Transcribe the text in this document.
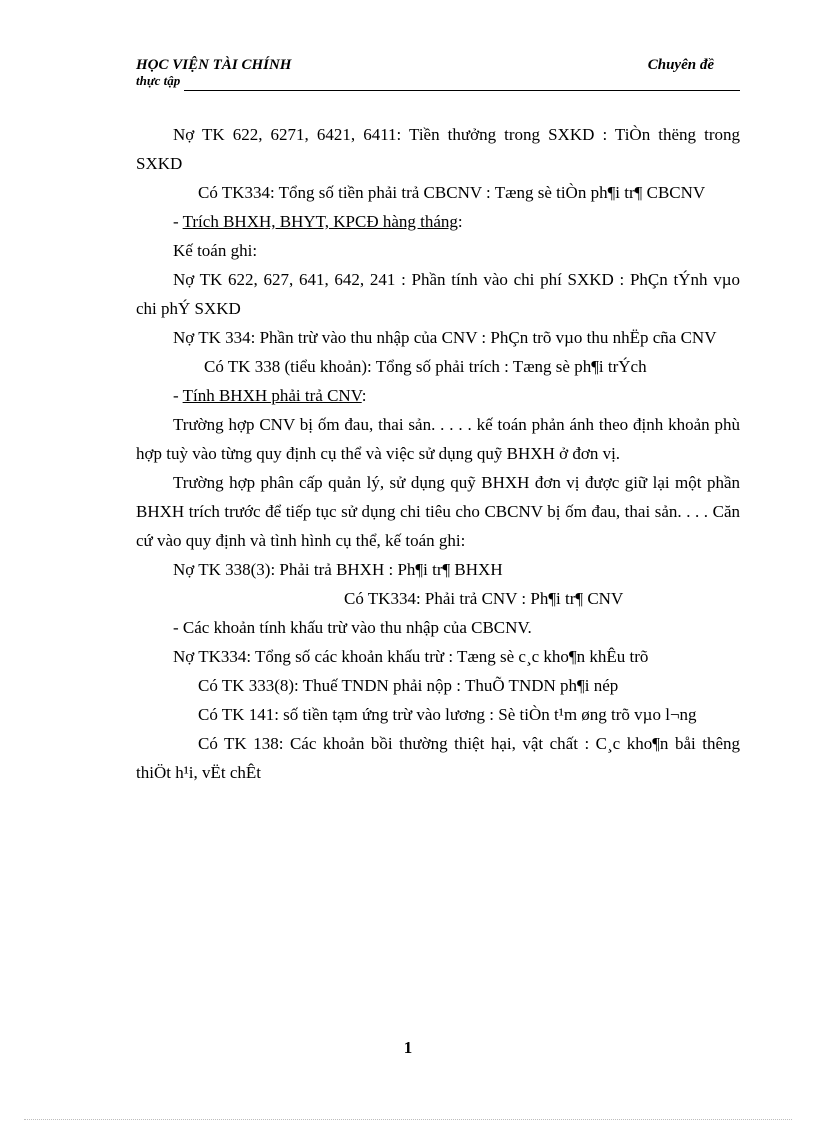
HỌC VIỆN TÀI CHÍNH
thực tập
Chuyên đề

Nợ TK 622, 6271, 6421, 6411: Tiền thưởng trong SXKD : TiÒn thëng trong SXKD

Có TK334: Tổng số tiền phải trả CBCNV : Tæng sè tiÒn ph¶i tr¶ CBCNV

- Trích BHXH, BHYT, KPCĐ hàng tháng:

Kế toán ghi:

Nợ TK 622, 627, 641, 642, 241 : Phần tính vào chi phí SXKD : PhÇn tÝnh vµo chi phÝ SXKD

Nợ TK 334: Phần trừ vào thu nhập của CNV : PhÇn trõ vµo thu nhËp cña CNV

Có TK 338 (tiểu khoản): Tổng số phải trích : Tæng sè ph¶i trÝch

- Tính BHXH phải trả CNV:

Trường hợp CNV bị ốm đau, thai sản. . . . . kế toán phản ánh theo định khoản phù hợp tuỳ vào từng quy định cụ thể và việc sử dụng quỹ BHXH ở đơn vị.

Trường hợp phân cấp quản lý, sử dụng quỹ BHXH đơn vị được giữ lại một phần BHXH trích trước để tiếp tục sử dụng chi tiêu cho CBCNV bị ốm đau, thai sản. . . . Căn cứ vào quy định và tình hình cụ thể, kế toán ghi:

Nợ TK 338(3): Phải trả BHXH : Ph¶i tr¶ BHXH

Có TK334: Phải trả CNV : Ph¶i tr¶ CNV

- Các khoản tính khấu trừ vào thu nhập của CBCNV.

Nợ TK334: Tổng số các khoản khấu trừ : Tæng sè c¸c kho¶n khÊu trõ

Có TK 333(8): Thuế TNDN phải nộp : ThuÕ TNDN ph¶i nép

Có TK 141: số tiền tạm ứng trừ vào lương : Sè tiÒn t¹m øng trõ vµo l¬ng

Có TK 138: Các khoản bồi thường thiệt hại, vật chất : C¸c kho¶n båi thêng thiÖt h¹i, vËt chÊt

1
